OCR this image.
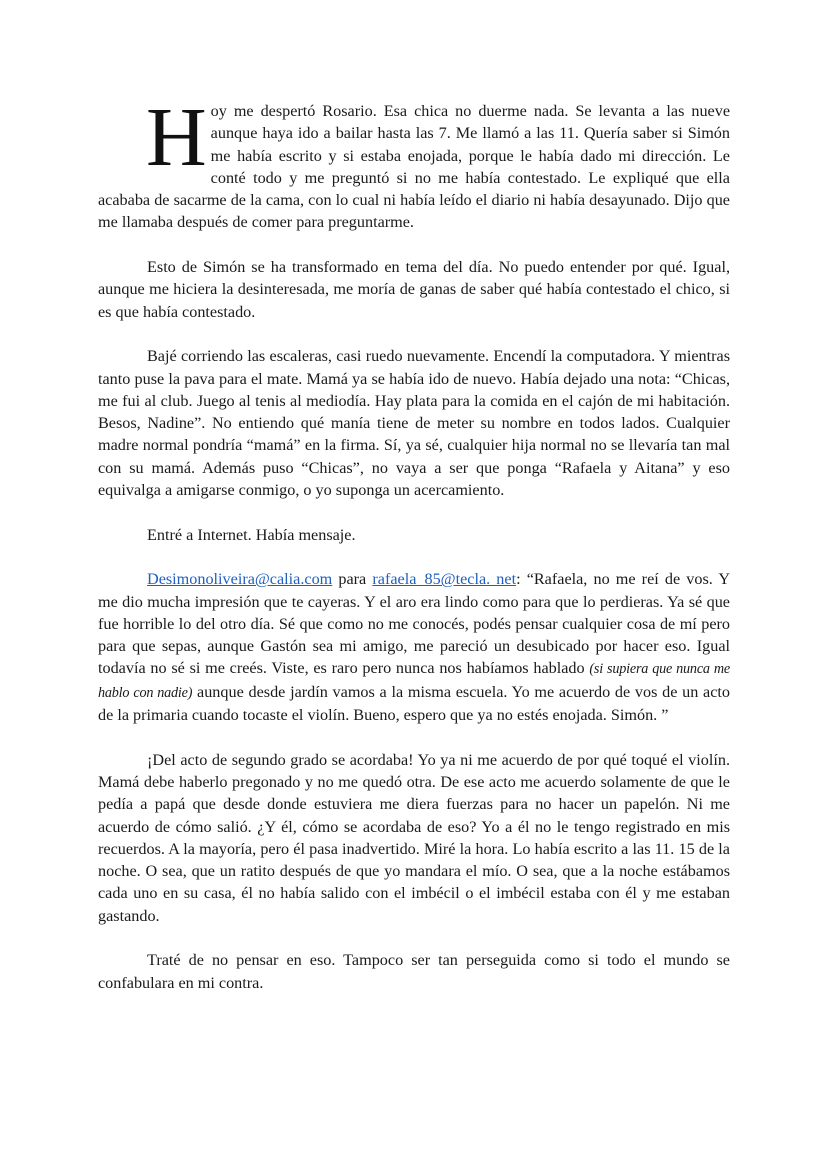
Hoy me despertó Rosario. Esa chica no duerme nada. Se levanta a las nueve aunque haya ido a bailar hasta las 7. Me llamó a las 11. Quería saber si Simón me había escrito y si estaba enojada, porque le había dado mi dirección. Le conté todo y me preguntó si no me había contestado. Le expliqué que ella acababa de sacarme de la cama, con lo cual ni había leído el diario ni había desayunado. Dijo que me llamaba después de comer para preguntarme.

Esto de Simón se ha transformado en tema del día. No puedo entender por qué. Igual, aunque me hiciera la desinteresada, me moría de ganas de saber qué había contestado el chico, si es que había contestado.

Bajé corriendo las escaleras, casi ruedo nuevamente. Encendí la computadora. Y mientras tanto puse la pava para el mate. Mamá ya se había ido de nuevo. Había dejado una nota: “Chicas, me fui al club. Juego al tenis al mediodía. Hay plata para la comida en el cajón de mi habitación. Besos, Nadine”. No entiendo qué manía tiene de meter su nombre en todos lados. Cualquier madre normal pondría “mamá” en la firma. Sí, ya sé, cualquier hija normal no se llevaría tan mal con su mamá. Además puso “Chicas”, no vaya a ser que ponga “Rafaela y Aitana” y eso equivalga a amigarse conmigo, o yo suponga un acercamiento.

Entré a Internet. Había mensaje.

Desimonoliveira@calia.com para rafaela_85@tecla. net: “Rafaela, no me reí de vos. Y me dio mucha impresión que te cayeras. Y el aro era lindo como para que lo perdieras. Ya sé que fue horrible lo del otro día. Sé que como no me conocés, podés pensar cualquier cosa de mí pero para que sepas, aunque Gastón sea mi amigo, me pareció un desubicado por hacer eso. Igual todavía no sé si me creés. Viste, es raro pero nunca nos habíamos hablado (si supiera que nunca me hablo con nadie) aunque desde jardín vamos a la misma escuela. Yo me acuerdo de vos de un acto de la primaria cuando tocaste el violín. Bueno, espero que ya no estés enojada. Simón. ”

¡Del acto de segundo grado se acordaba! Yo ya ni me acuerdo de por qué toqué el violín. Mamá debe haberlo pregonado y no me quedó otra. De ese acto me acuerdo solamente de que le pedía a papá que desde donde estuviera me diera fuerzas para no hacer un papelón. Ni me acuerdo de cómo salió. ¿Y él, cómo se acordaba de eso? Yo a él no le tengo registrado en mis recuerdos. A la mayoría, pero él pasa inadvertido. Miré la hora. Lo había escrito a las 11. 15 de la noche. O sea, que un ratito después de que yo mandara el mío. O sea, que a la noche estábamos cada uno en su casa, él no había salido con el imbécil o el imbécil estaba con él y me estaban gastando.

Traté de no pensar en eso. Tampoco ser tan perseguida como si todo el mundo se confabulara en mi contra.
